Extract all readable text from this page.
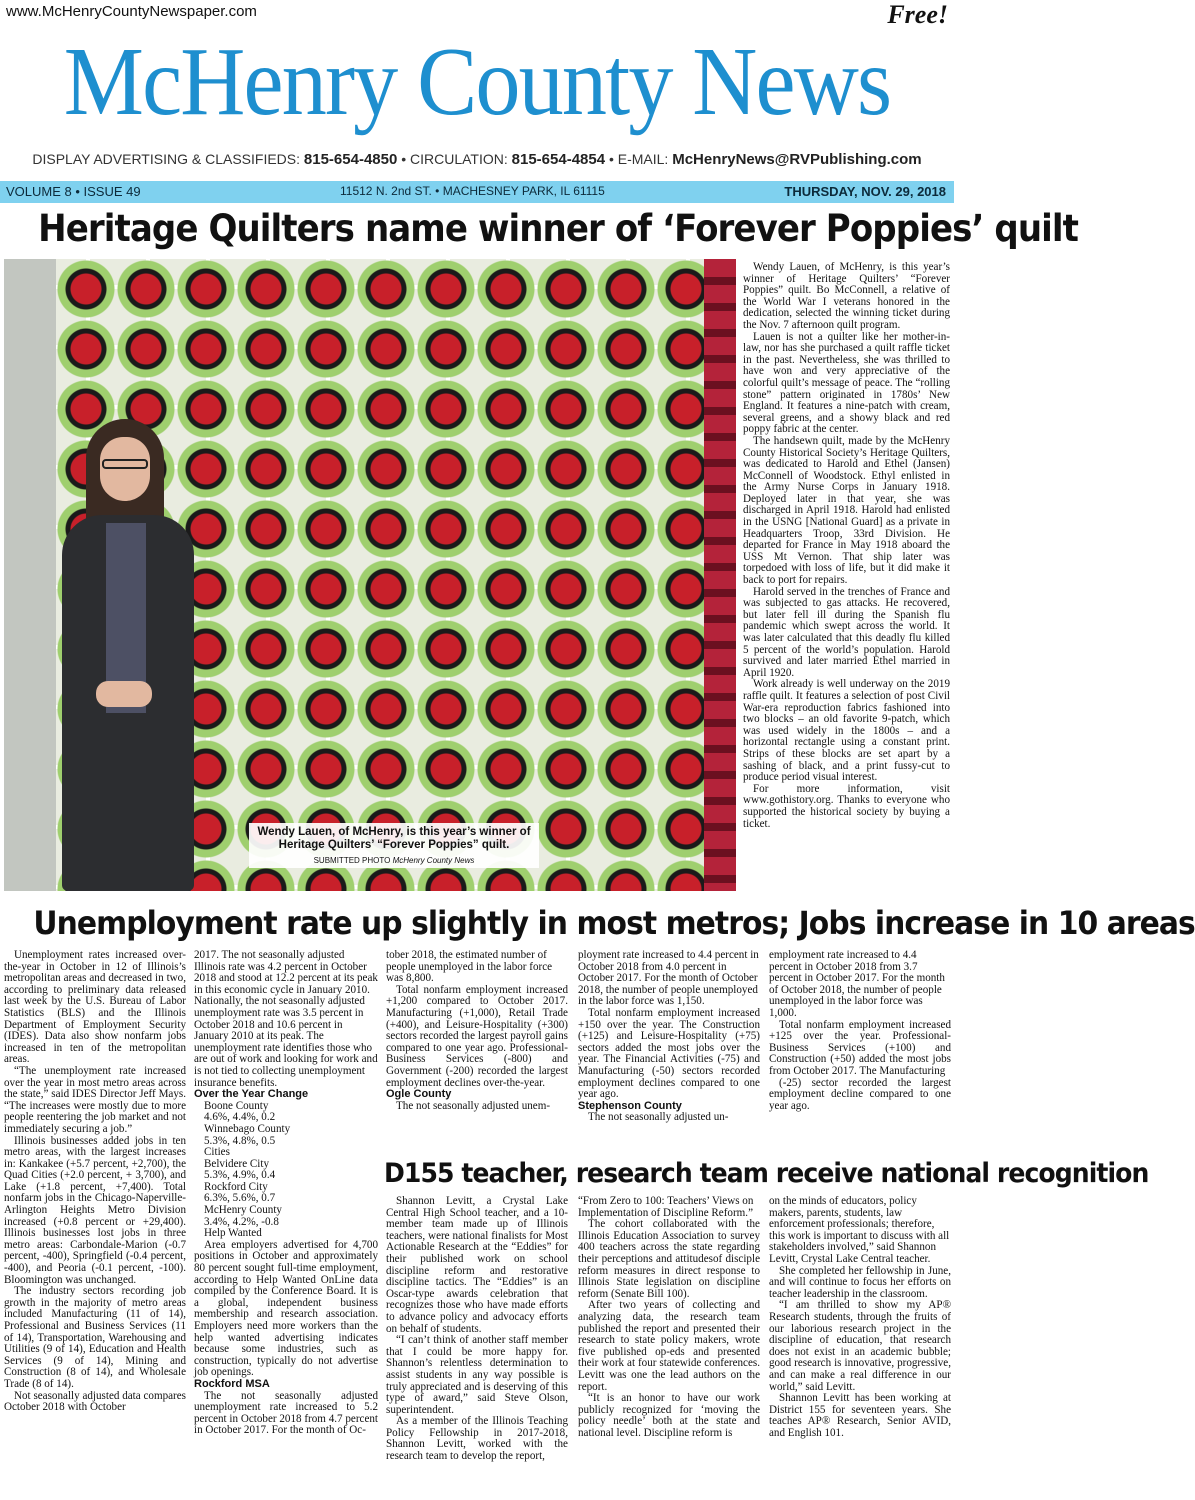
www.McHenryCountyNewspaper.com	Free!
McHenry County News
DISPLAY ADVERTISING & CLASSIFIEDS: 815-654-4850 • CIRCULATION: 815-654-4854 • E-MAIL: McHenryNews@RVPublishing.com
VOLUME 8 • ISSUE 49	11512 N. 2nd ST. • MACHESNEY PARK, IL 61115	THURSDAY, NOV. 29, 2018
Heritage Quilters name winner of ‘Forever Poppies’ quilt
Wendy Lauen, of McHenry, is this year’s winner of Heritage Quilters’ “Forever Poppies” quilt.
SUBMITTED PHOTO McHenry County News

Wendy Lauen, of McHenry, is this year’s winner of Heritage Quilters’ “Forever Poppies” quilt. Bo McConnell, a relative of the World War I veterans honored in the dedication, selected the winning ticket during the Nov. 7 afternoon quilt program.

Lauen is not a quilter like her mother-in-law, nor has she purchased a quilt raffle ticket in the past. Nevertheless, she was thrilled to have won and very appreciative of the colorful quilt’s message of peace. The “rolling stone” pattern originated in 1780s’ New England. It features a nine-patch with cream, several greens, and a showy black and red poppy fabric at the center.

The handsewn quilt, made by the McHenry County Historical Society’s Heritage Quilters, was dedicated to Harold and Ethel (Jansen) McConnell of Woodstock. Ethyl enlisted in the Army Nurse Corps in January 1918. Deployed later in that year, she was discharged in April 1918. Harold had enlisted in the USNG [National Guard] as a private in Headquarters Troop, 33rd Division. He departed for France in May 1918 aboard the USS Mt Vernon. That ship later was torpedoed with loss of life, but it did make it back to port for repairs.

Harold served in the trenches of France and was subjected to gas attacks. He recovered, but later fell ill during the Spanish flu pandemic which swept across the world. It was later calculated that this deadly flu killed 5 percent of the world’s population. Harold survived and later married Ethel married in April 1920.

Work already is well underway on the 2019 raffle quilt. It features a selection of post Civil War-era reproduction fabrics fashioned into two blocks – an old favorite 9-patch, which was used widely in the 1800s – and a horizontal rectangle using a constant print. Strips of these blocks are set apart by a sashing of black, and a print fussy-cut to produce period visual interest.

For more information, visit www.gothistory.org. Thanks to everyone who supported the historical society by buying a ticket.

Unemployment rate up slightly in most metros; Jobs increase in 10 areas

Unemployment rates increased over-the-year in October in 12 of Illinois’s metropolitan areas and decreased in two, according to preliminary data released last week by the U.S. Bureau of Labor Statistics (BLS) and the Illinois Department of Employment Security (IDES). Data also show nonfarm jobs increased in ten of the metropolitan areas.

“The unemployment rate increased over the year in most metro areas across the state,” said IDES Director Jeff Mays. “The increases were mostly due to more people reentering the job market and not immediately securing a job.”

Illinois businesses added jobs in ten metro areas, with the largest increases in: Kankakee (+5.7 percent, +2,700), the Quad Cities (+2.0 percent, + 3,700), and Lake (+1.8 percent, +7,400). Total nonfarm jobs in the Chicago-Naperville-Arlington Heights Metro Division increased (+0.8 percent or +29,400). Illinois businesses lost jobs in three metro areas: Carbondale-Marion (-0.7 percent, -400), Springfield (-0.4 percent, -400), and Peoria (-0.1 percent, -100). Bloomington was unchanged.

The industry sectors recording job growth in the majority of metro areas included Manufacturing (11 of 14), Professional and Business Services (11 of 14), Transportation, Warehousing and Utilities (9 of 14), Education and Health Services (9 of 14), Mining and Construction (8 of 14), and Wholesale Trade (8 of 14).

Not seasonally adjusted data compares October 2018 with October

2017. The not seasonally adjusted Illinois rate was 4.2 percent in October 2018 and stood at 12.2 percent at its peak in this economic cycle in January 2010. Nationally, the not seasonally adjusted unemployment rate was 3.5 percent in October 2018 and 10.6 percent in January 2010 at its peak. The unemployment rate identifies those who are out of work and looking for work and is not tied to collecting unemployment insurance benefits.

Over the Year Change

Boone County

4.6%, 4.4%, 0.2

Winnebago County

5.3%, 4.8%, 0.5

Cities

Belvidere City

5.3%, 4.9%, 0.4

Rockford City

6.3%, 5.6%, 0.7

McHenry County

3.4%, 4.2%, -0.8

Help Wanted

Area employers advertised for 4,700 positions in October and approximately 80 percent sought full-time employment, according to Help Wanted OnLine data compiled by the Conference Board. It is a global, independent business membership and research association. Employers need more workers than the help wanted advertising indicates because some industries, such as construction, typically do not advertise job openings.

Rockford MSA

The not seasonally adjusted unemployment rate increased to 5.2 percent in October 2018 from 4.7 percent in October 2017. For the month of Oc-

tober 2018, the estimated number of people unemployed in the labor force was 8,800.

Total nonfarm employment increased +1,200 compared to October 2017. Manufacturing (+1,000), Retail Trade (+400), and Leisure-Hospitality (+300) sectors recorded the largest payroll gains compared to one year ago. Professional-Business Services (-800) and Government (-200) recorded the largest employment declines over-the-year.

Ogle County

The not seasonally adjusted unem-

ployment rate increased to 4.4 percent in October 2018 from 4.0 percent in October 2017. For the month of October 2018, the number of people unemployed in the labor force was 1,150.

Total nonfarm employment increased +150 over the year. The Construction (+125) and Leisure-Hospitality (+75) sectors added the most jobs over the year. The Financial Activities (-75) and Manufacturing (-50) sectors recorded employment declines compared to one year ago.

Stephenson County

The not seasonally adjusted un-

employment rate increased to 4.4 percent in October 2018 from 3.7 percent in October 2017. For the month of October 2018, the number of people unemployed in the labor force was 1,000.

Total nonfarm employment increased +125 over the year. Professional-Business Services (+100) and Construction (+50) added the most jobs from October 2017. The Manufacturing

(-25) sector recorded the largest employment decline compared to one year ago.

D155 teacher, research team receive national recognition

Shannon Levitt, a Crystal Lake Central High School teacher, and a 10-member team made up of Illinois teachers, were national finalists for Most Actionable Research at the “Eddies” for their published work on school discipline reform and restorative discipline tactics. The “Eddies” is an Oscar-type awards celebration that recognizes those who have made efforts to advance policy and advocacy efforts on behalf of students.

“I can’t think of another staff member that I could be more happy for. Shannon’s relentless determination to assist students in any way possible is truly appreciated and is deserving of this type of award,” said Steve Olson, superintendent.

As a member of the Illinois Teaching Policy Fellowship in 2017-2018, Shannon Levitt, worked with the research team to develop the report,

“From Zero to 100: Teachers’ Views on Implementation of Discipline Reform.”

The cohort collaborated with the Illinois Education Association to survey 400 teachers across the state regarding their perceptions and attitudesof disciple reform measures in direct response to Illinois State legislation on discipline reform (Senate Bill 100).

After two years of collecting and analyzing data, the research team published the report and presented their research to state policy makers, wrote five published op-eds and presented their work at four statewide conferences. Levitt was one the lead authors on the report.

“It is an honor to have our work publicly recognized for ‘moving the policy needle’ both at the state and national level. Discipline reform is

on the minds of educators, policy makers, parents, students, law enforcement professionals; therefore, this work is important to discuss with all stakeholders involved,” said Shannon Levitt, Crystal Lake Central teacher.

She completed her fellowship in June, and will continue to focus her efforts on teacher leadership in the classroom.

“I am thrilled to show my AP® Research students, through the fruits of our laborious research project in the discipline of education, that research does not exist in an academic bubble; good research is innovative, progressive, and can make a real difference in our world,” said Levitt.

Shannon Levitt has been working at District 155 for seventeen years. She teaches AP® Research, Senior AVID, and English 101.
